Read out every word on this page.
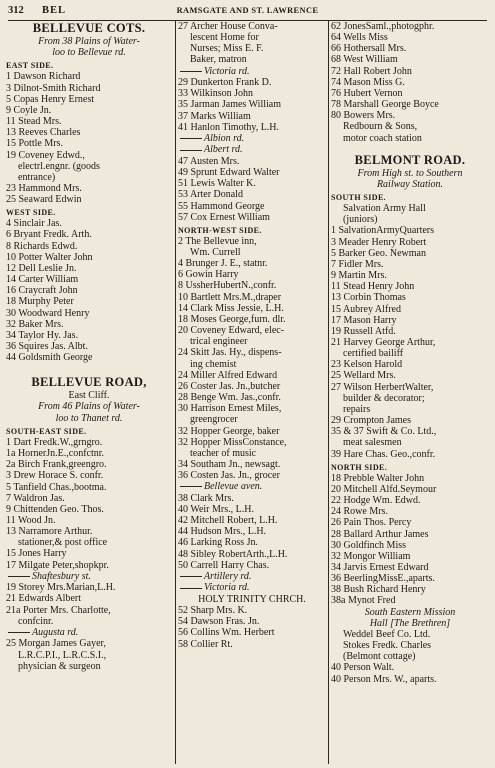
312 BEL	RAMSGATE AND ST. LAWRENCE
BELLEVUE COTS.
From 38 Plains of Water-
loo to Bellevue rd.
EAST SIDE.
1 Dawson Richard
3 Dilnot-Smith Richard
5 Copas Henry Ernest
9 Coyle Jn.
11 Stead Mrs.
13 Reeves Charles
15 Pottle Mrs.
19 Coveney Edwd.,
electrl.engnr. (goods
entrance)
23 Hammond Mrs.
25 Seaward Edwin
WEST SIDE.
4 Sinclair Jas.
6 Bryant Fredk. Arth.
8 Richards Edwd.
10 Potter Walter John
12 Dell Leslie Jn.
14 Carter William
16 Craycraft John
18 Murphy Peter
30 Woodward Henry
32 Baker Mrs.
34 Taylor Hy. Jas.
36 Squires Jas. Albt.
44 Goldsmith George
BELLEVUE ROAD,
East Cliff.
From 46 Plains of Water-
loo to Thanet rd.
SOUTH-EAST SIDE.
1 Dart Fredk.W.,grngro.
1a HornerJn.E.,confctnr.
2a Birch Frank,greengro.
3 Drew Horace S. confr.
5 Tanfield Chas.,bootma.
7 Waldron Jas.
9 Chittenden Geo. Thos.
11 Wood Jn.
13 Narramore Arthur.
stationer,& post office
15 Jones Harry
17 Milgate Peter,shopkpr.
Shaftesbury st.
19 Storey Mrs.Marian,L.H.
21 Edwards Albert
21a Porter Mrs. Charlotte,
confcinr.
Augusta rd.
25 Morgan James Gayer,
L.R.C.P.I., L.R.C.S.I.,
physician & surgeon
27 Archer House Conva-
lescent Home for
Nurses; Miss E. F.
Baker, matron
Victoria rd.
29 Dunkerton Frank D.
33 Wilkinson John
35 Jarman James William
37 Marks William
41 Hanlon Timothy, L.H.
Albion rd.
Albert rd.
47 Austen Mrs.
49 Sprunt Edward Walter
51 Lewis Walter K.
53 Arter Donald
55 Hammond George
57 Cox Ernest William
NORTH-WEST SIDE.
2 The Bellevue inn,
Wm. Currell
4 Brunger J. E., statnr.
6 Gowin Harry
8 UssherHubertN.,confr.
10 Bartlett Mrs.M.,draper
14 Clark Miss Jessie, L.H.
18 Moses George,furn. dlr.
20 Coveney Edward, elec-
trical engineer
24 Skitt Jas. Hy., dispens-
ing chemist
24 Miller Alfred Edward
26 Coster Jas. Jn.,butcher
28 Benge Wm. Jas.,confr.
30 Harrison Ernest Miles,
greengrocer
32 Hopper George, baker
32 Hopper MissConstance,
teacher of music
34 Southam Jn., newsagt.
36 Costen Jas. Jn., grocer
Bellevue aven.
38 Clark Mrs.
40 Weir Mrs., L.H.
42 Mitchell Robert, L.H.
44 Hudson Mrs., L.H.
46 Larking Ross Jn.
48 Sibley RobertArth.,L.H.
50 Carrell Harry Chas.
Artillery rd.
Victoria rd.
HOLY TRINITY CHRCH.
52 Sharp Mrs. K.
54 Dawson Fras. Jn.
56 Collins Wm. Herbert
58 Collier Rt.
62 JonesSaml.,photogphr.
64 Wells Miss
66 Hothersall Mrs.
68 West William
72 Hall Robert John
74 Mason Miss G.
76 Hubert Vernon
78 Marshall George Boyce
80 Bowers Mrs.
Redbourn & Sons,
motor coach station
BELMONT ROAD.
From High st. to Southern
Railway Station.
SOUTH SIDE.
Salvation Army Hall
(juniors)
1 SalvationArmyQuarters
3 Meader Henry Robert
5 Barker Geo. Newman
7 Fidler Mrs.
9 Martin Mrs.
11 Stead Henry John
13 Corbin Thomas
15 Aubrey Alfred
17 Mason Harry
19 Russell Atfd.
21 Harvey George Arthur,
certified bailiff
23 Kelson Harold
25 Wellard Mrs.
27 Wilson HerbertWalter,
builder & decorator;
repairs
29 Crompton James
35 & 37 Swift & Co. Ltd.,
meat salesmen
39 Hare Chas. Geo.,confr.
NORTH SIDE.
18 Prebble Walter John
20 Mitchell Alfd.Seymour
22 Hodge Wm. Edwd.
24 Rowe Mrs.
26 Pain Thos. Percy
28 Ballard Arthur James
30 Goldfinch Miss
32 Mongor William
34 Jarvis Ernest Edward
36 BeerlingMissE.,aparts.
38 Bush Richard Henry
38a Mynot Fred
South Eastern Mission
Hall [The Brethren]
Weddel Beef Co. Ltd.
Stokes Fredk. Charles
(Belmont cottage)
40 Person Walt.
40 Person Mrs. W., aparts.
